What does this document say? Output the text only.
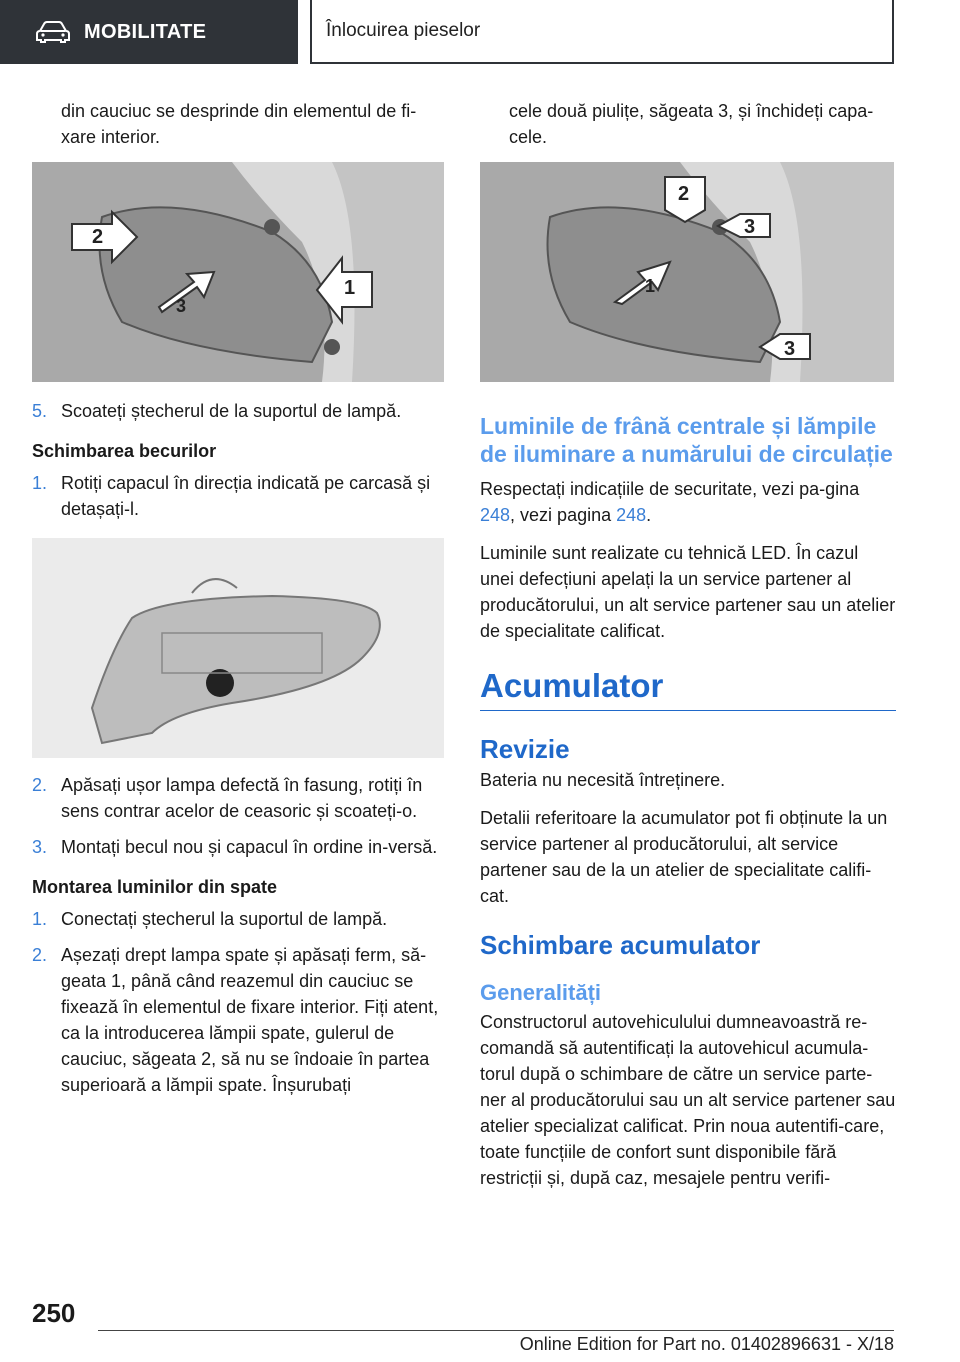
MOBILITATE	Înlocuirea pieselor

din cauciuc se desprinde din elementul de fi-xare interior.

2
1
3
5. Scoateți ștecherul de la suportul de lampă.
Schimbarea becurilor
1. Rotiți capacul în direcția indicată pe carcasă și detașați-l.
2. Apăsați ușor lampa defectă în fasung, rotiți în sens contrar acelor de ceasoric și scoateți-o.
3. Montați becul nou și capacul în ordine in-versă.
Montarea luminilor din spate
1. Conectați ștecherul la suportul de lampă.
2. Așezați drept lampa spate și apăsați ferm, să-geata 1, până când reazemul din cauciuc se fixează în elementul de fixare interior. Fiți atent, ca la introducerea lămpii spate, gulerul de cauciuc, săgeata 2, să nu se îndoaie în partea superioară a lămpii spate. Înșurubați

cele două piulițe, săgeata 3, și închideți capa-cele.

2
3
1
3
Luminile de frână centrale și lămpile de iluminare a numărului de circulație

Respectați indicațiile de securitate, vezi pa-gina 248, vezi pagina 248.

Luminile sunt realizate cu tehnică LED. În cazul unei defecțiuni apelați la un service partener al producătorului, un alt service partener sau un atelier de specialitate calificat.

Acumulator
Revizie

Bateria nu necesită întreținere.

Detalii referitoare la acumulator pot fi obținute la un service partener al producătorului, alt service partener sau de la un atelier de specialitate califi-cat.

Schimbare acumulator
Generalități

Constructorul autovehiculului dumneavoastră re-comandă să autentificați la autovehicul acumula-torul după o schimbare de către un service parte-ner al producătorului sau un alt service partener sau atelier specializat calificat. Prin noua autentifi-care, toate funcțiile de confort sunt disponibile fără restricții și, după caz, mesajele pentru verifi-

250
Online Edition for Part no. 01402896631 - X/18
